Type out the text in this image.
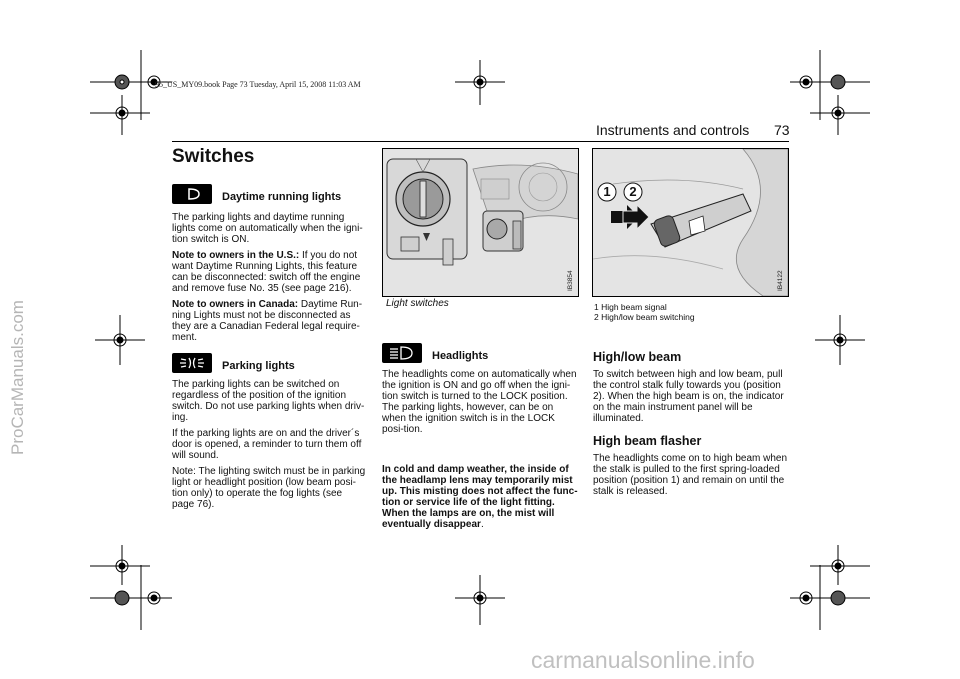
95_US_MY09.book Page 73 Tuesday, April 15, 2008 11:03 AM
Instruments and controls 73
Switches
Daytime running lights

The parking lights and daytime running lights come on automatically when the igni-tion switch is ON.

Note to owners in the U.S.: If you do not want Daytime Running Lights, this feature can be disconnected: switch off the engine and remove fuse No. 35 (see page 216).

Note to owners in Canada: Daytime Run-ning Lights must not be disconnected as they are a Canadian Federal legal require-ment.

Parking lights

The parking lights can be switched on regardless of the position of the ignition switch. Do not use parking lights when driv-ing.

If the parking lights are on and the driver´s door is opened, a reminder to turn them off will sound.

Note: The lighting switch must be in parking light or headlight position (low beam posi-tion only) to operate the fog lights (see page 76).

IB3854
Light switches
Headlights

The headlights come on automatically when the ignition is ON and go off when the igni-tion switch is turned to the LOCK position. The parking lights, however, can be on when the ignition switch is in the LOCK posi-tion.

In cold and damp weather, the inside of the headlamp lens may temporarily mist up. This misting does not affect the func-tion or service life of the light fitting. When the lamps are on, the mist will eventually disappear.
1 2
IB4122
1 High beam signal
2 High/low beam switching
High/low beam

To switch between high and low beam, pull the control stalk fully towards you (position 2). When the high beam is on, the indicator on the main instrument panel will be illuminated.

High beam flasher

The headlights come on to high beam when the stalk is pulled to the first spring-loaded position (position 1) and remain on until the stalk is released.

ProCarManuals.com
carmanualsonline.info
